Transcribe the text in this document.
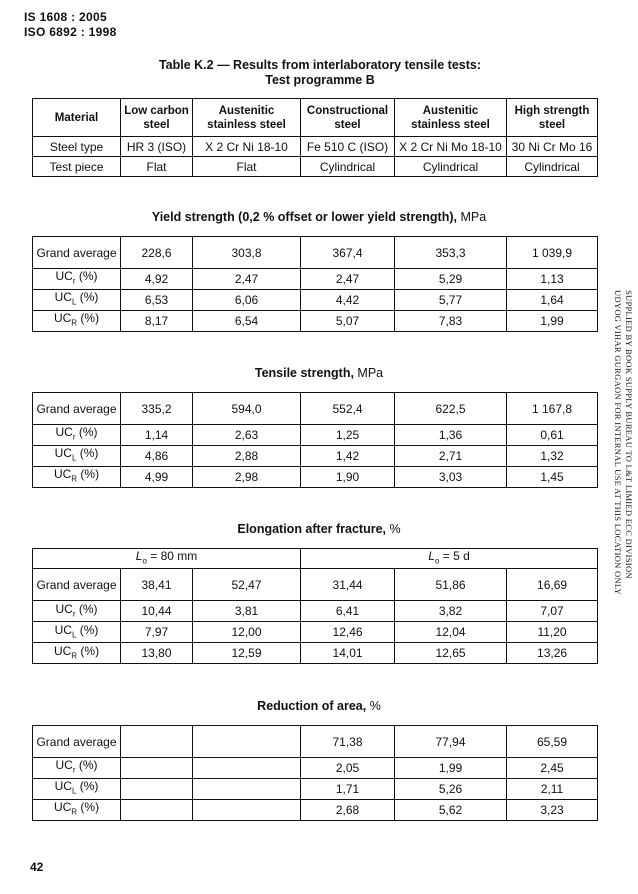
IS 1608 : 2005
ISO 6892 : 1998
Table K.2 — Results from interlaboratory tensile tests:
Test programme B
Material	Low carbon steel	Austenitic stainless steel	Constructional steel	Austenitic stainless steel	High strength steel
Steel type	HR 3 (ISO)	X 2 Cr Ni 18-10	Fe 510 C (ISO)	X 2 Cr Ni Mo 18-10	30 Ni Cr Mo 16
Test piece	Flat	Flat	Cylindrical	Cylindrical	Cylindrical
Yield strength (0,2 % offset or lower yield strength), MPa
Grand average	228,6	303,8	367,4	353,3	1 039,9
$UC_r$ (%)	4,92	2,47	2,47	5,29	1,13
$UC_L$ (%)	6,53	6,06	4,42	5,77	1,64
$UC_R$ (%)	8,17	6,54	5,07	7,83	1,99
Tensile strength, MPa
Grand average	335,2	594,0	552,4	622,5	1 167,8
$UC_r$ (%)	1,14	2,63	1,25	1,36	0,61
$UC_L$ (%)	4,86	2,88	1,42	2,71	1,32
$UC_R$ (%)	4,99	2,98	1,90	3,03	1,45
Elongation after fracture, %
$L_o = 80$ mm			$L_o = 5$ d		
Grand average	38,41	52,47	31,44	51,86	16,69
$UC_r$ (%)	10,44	3,81	6,41	3,82	7,07
$UC_L$ (%)	7,97	12,00	12,46	12,04	11,20
$UC_R$ (%)	13,80	12,59	14,01	12,65	13,26
Reduction of area, %
Grand average			71,38	77,94	65,59
$UC_r$ (%)			2,05	1,99	2,45
$UC_L$ (%)			1,71	5,26	2,11
$UC_R$ (%)			2,68	5,62	3,23
SUPPLIED BY BOOK SUPPLY BUREAU TO L&T LIMIED ECC DIVISION
UDYOG VIHAR GURGAON FOR INTERNAL USE AT THIS LOCATION ONLY
42
